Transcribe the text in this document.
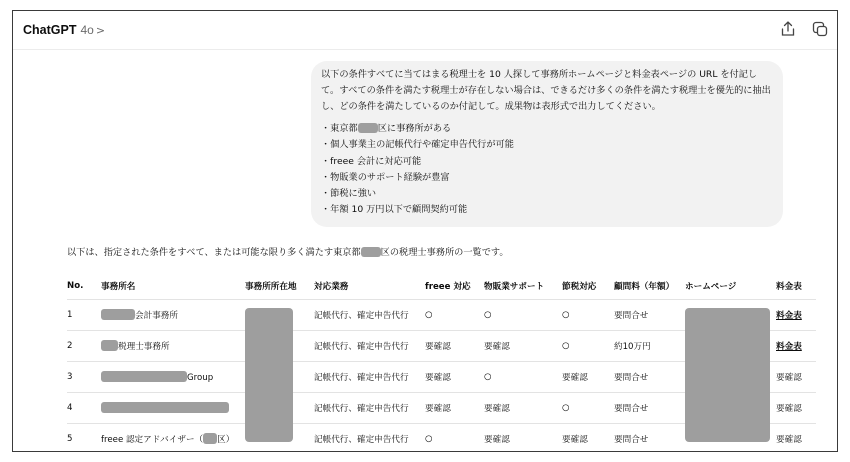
ChatGPT 4o >

以下の条件すべてに当てはまる税理士を 10 人探して事務所ホームページと料金表ページの URL を付記して。すべての条件を満たす税理士が存在しない場合は、できるだけ多くの条件を満たす税理士を優先的に抽出し、どの条件を満たしているのか付記して。成果物は表形式で出力してください。

・東京都 区に事務所がある
・個人事業主の記帳代行や確定申告代行が可能
・freee 会計に対応可能
・物販業のサポート経験が豊富
・節税に強い
・年額 10 万円以下で顧問契約可能
以下は、指定された条件をすべて、または可能な限り多く満たす東京都 区の税理士事務所の一覧です。
No.	事務所名	事務所所在地	対応業務	freee 対応	物販業サポート	節税対応	顧問料（年額）	ホームページ	料金表
1	会計事務所		記帳代行、確定申告代行	○	○	○	要問合せ		料金表
2	税理士事務所		記帳代行、確定申告代行	要確認	要確認	○	約10万円		料金表
3	Group		記帳代行、確定申告代行	要確認	○	要確認	要問合せ		要確認
4			記帳代行、確定申告代行	要確認	要確認	○	要問合せ		要確認
5	freee 認定アドバイザー（ 区）		記帳代行、確定申告代行	○	要確認	要確認	要問合せ		要確認
